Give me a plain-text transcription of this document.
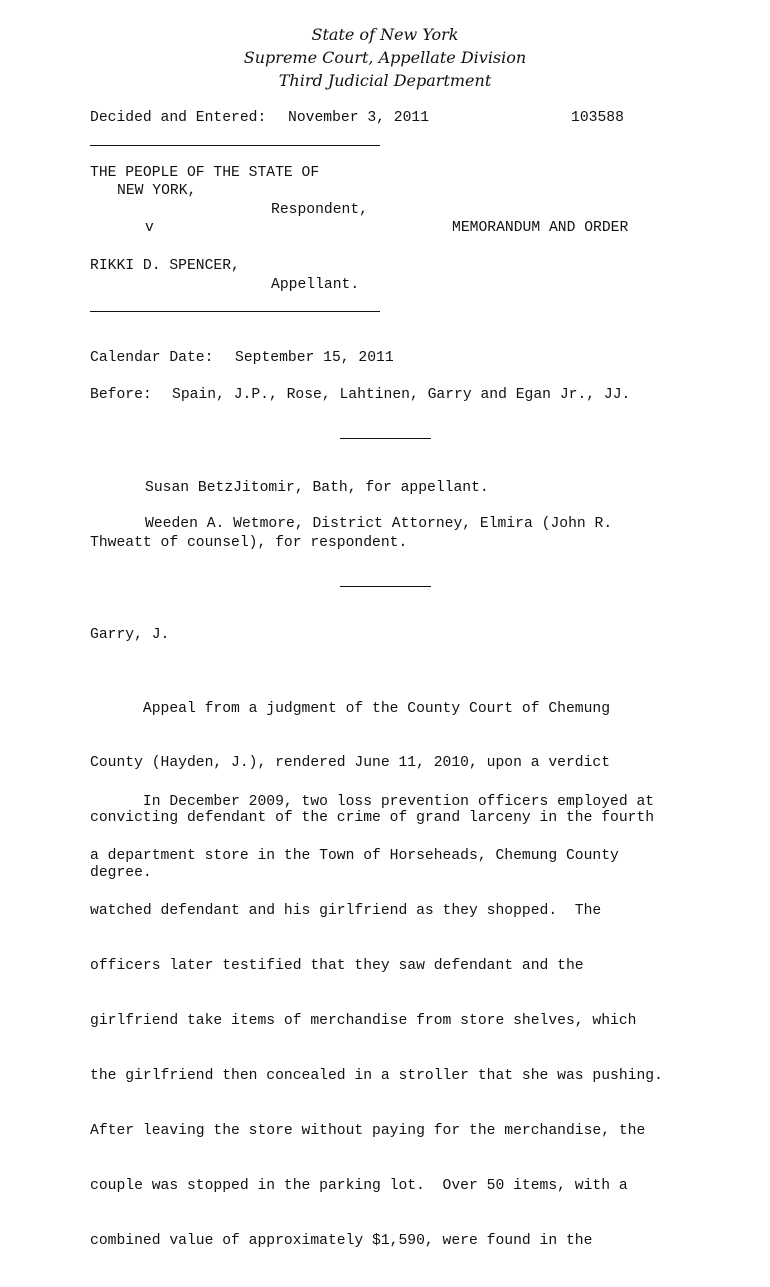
State of New York
Supreme Court, Appellate Division
Third Judicial Department
Decided and Entered: November 3, 2011	103588
THE PEOPLE OF THE STATE OF
NEW YORK,
Respondent,
v	MEMORANDUM AND ORDER
RIKKI D. SPENCER,
Appellant.
Calendar Date: September 15, 2011
Before: Spain, J.P., Rose, Lahtinen, Garry and Egan Jr., JJ.
Susan BetzJitomir, Bath, for appellant.
Weeden A. Wetmore, District Attorney, Elmira (John R.
Thweatt of counsel), for respondent.
Garry, J.

Appeal from a judgment of the County Court of Chemung

County (Hayden, J.), rendered June 11, 2010, upon a verdict

convicting defendant of the crime of grand larceny in the fourth

degree.

In December 2009, two loss prevention officers employed at

a department store in the Town of Horseheads, Chemung County

watched defendant and his girlfriend as they shopped.  The

officers later testified that they saw defendant and the

girlfriend take items of merchandise from store shelves, which

the girlfriend then concealed in a stroller that she was pushing.

After leaving the store without paying for the merchandise, the

couple was stopped in the parking lot.  Over 50 items, with a

combined value of approximately $1,590, were found in the
